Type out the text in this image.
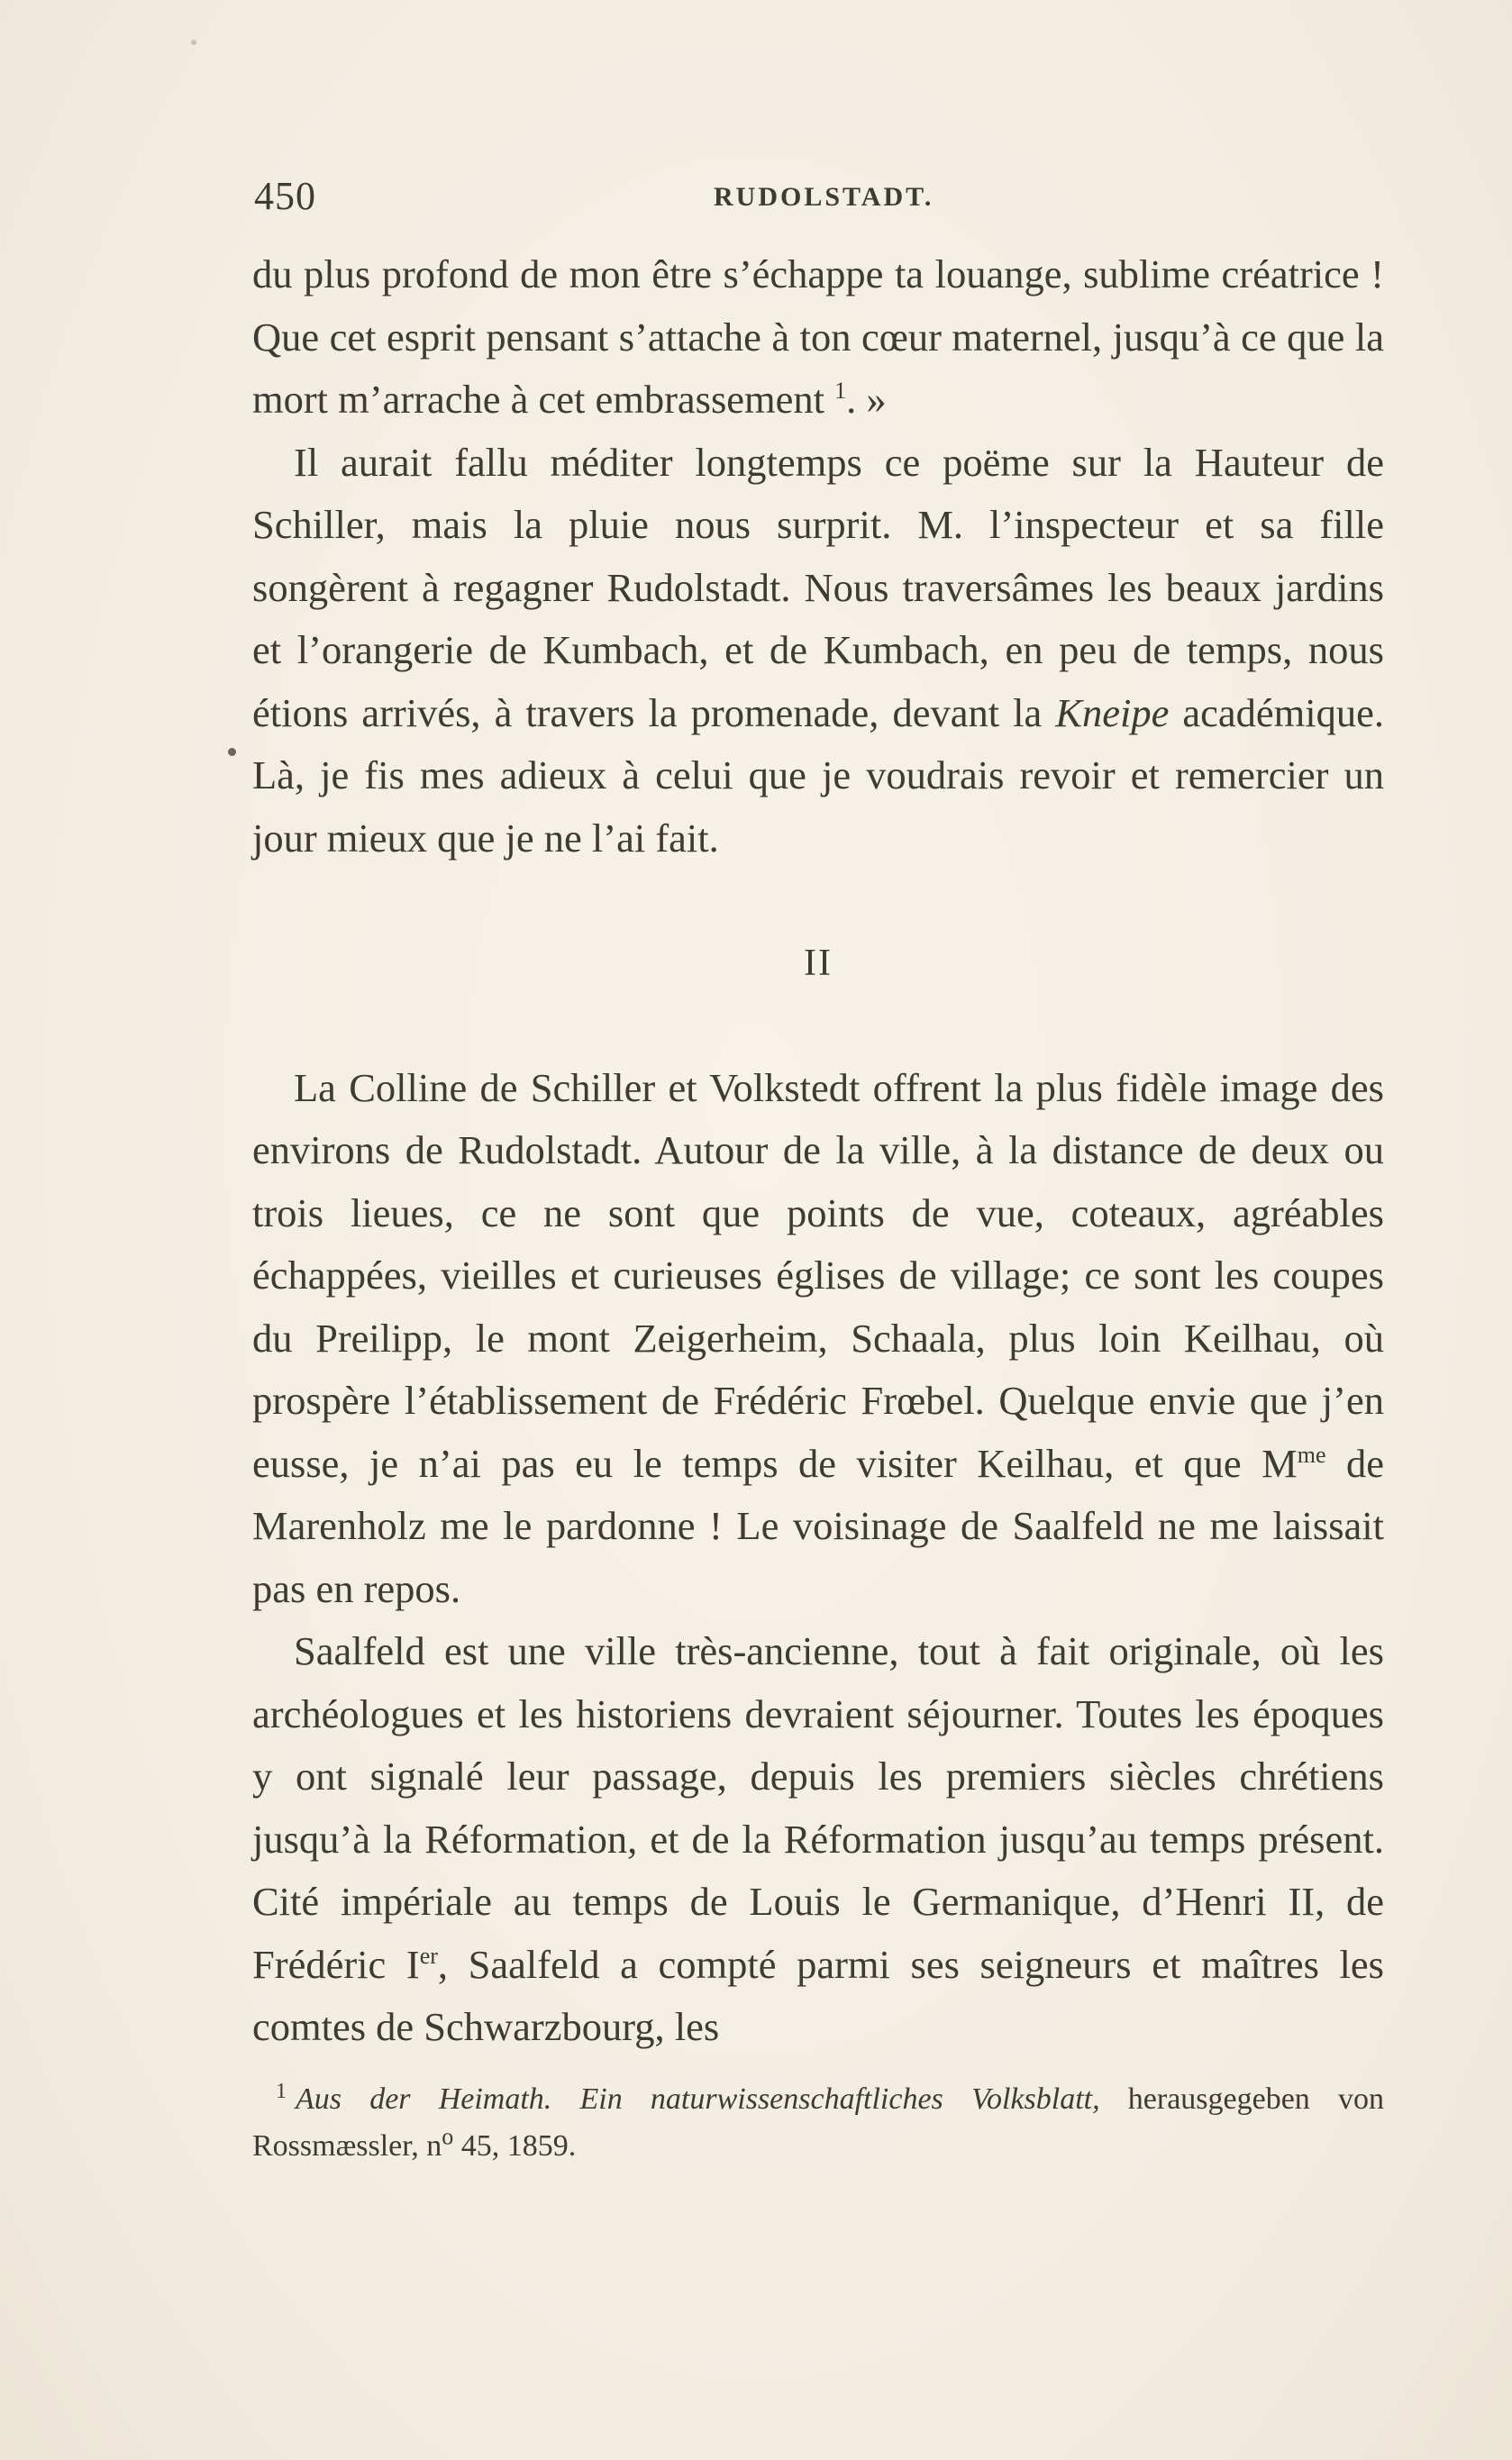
450	RUDOLSTADT.

du plus profond de mon être s’échappe ta louange, sublime créatrice ! Que cet esprit pensant s’attache à ton cœur maternel, jusqu’à ce que la mort m’arrache à cet embrassement $^1$. »

Il aurait fallu méditer longtemps ce poëme sur la Hauteur de Schiller, mais la pluie nous surprit. M. l’inspecteur et sa fille songèrent à regagner Rudolstadt. Nous traversâmes les beaux jardins et l’orangerie de Kumbach, et de Kumbach, en peu de temps, nous étions arrivés, à travers la promenade, devant la Kneipe académique. Là, je fis mes adieux à celui que je voudrais revoir et remercier un jour mieux que je ne l’ai fait.

II

La Colline de Schiller et Volkstedt offrent la plus fidèle image des environs de Rudolstadt. Autour de la ville, à la distance de deux ou trois lieues, ce ne sont que points de vue, coteaux, agréables échappées, vieilles et curieuses églises de village; ce sont les coupes du Preilipp, le mont Zeigerheim, Schaala, plus loin Keilhau, où prospère l’établissement de Frédéric Frœbel. Quelque envie que j’en eusse, je n’ai pas eu le temps de visiter Keilhau, et que $M^{me}$ de Marenholz me le pardonne ! Le voisinage de Saalfeld ne me laissait pas en repos.

Saalfeld est une ville très-ancienne, tout à fait originale, où les archéologues et les historiens devraient séjourner. Toutes les époques y ont signalé leur passage, depuis les premiers siècles chrétiens jusqu’à la Réformation, et de la Réformation jusqu’au temps présent. Cité impériale au temps de Louis le Germanique, d’Henri II, de Frédéric Ier, Saalfeld a compté parmi ses seigneurs et maîtres les comtes de Schwarzbourg, les

$^1$ Aus der Heimath. Ein naturwissenschaftliches Volksblatt, herausgegeben von Rossmæssler, $n^o$ 45, 1859.
